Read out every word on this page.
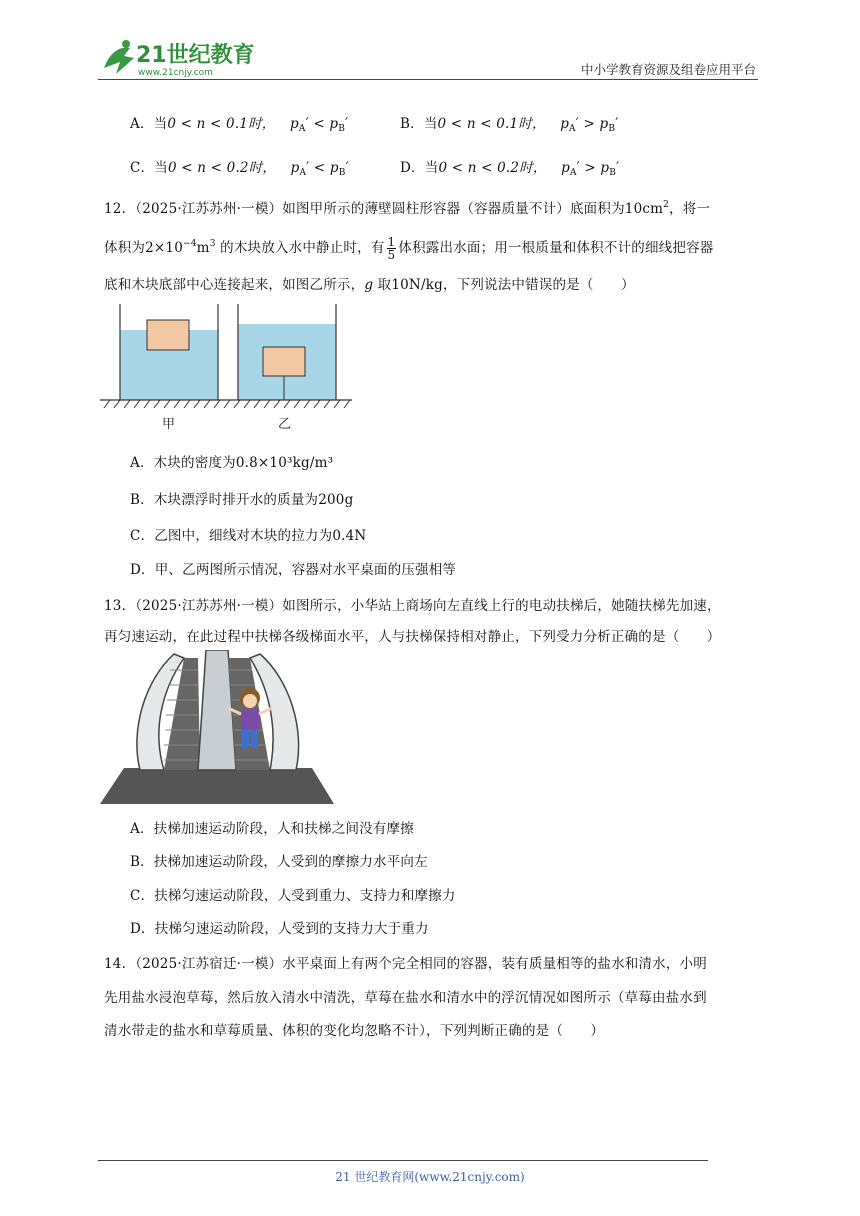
21世纪教育
www.21cnjy.com	中小学教育资源及组卷应用平台
A．当0 < n < 0.1时， $p_A' < p_B'$	B．当0 < n < 0.1时， $p_A' > p_B'$
C．当0 < n < 0.2时， $p_A' < p_B'$	D．当0 < n < 0.2时， $p_A' > p_B'$
12．（2025·江苏苏州·一模）如图甲所示的薄壁圆柱形容器（容器质量不计）底面积为$10cm^2$，将一
体积为$2\times 10^{-4}m^3$ 的木块放入水中静止时，有 $\frac{1}{5}$ 体积露出水面；用一根质量和体积不计的细线把容器
底和木块底部中心连接起来，如图乙所示，g 取10N/kg，下列说法中错误的是（　　）
甲	乙
A．木块的密度为0.8×10³kg/m³
B．木块漂浮时排开水的质量为200g
C．乙图中，细线对木块的拉力为0.4N
D．甲、乙两图所示情况，容器对水平桌面的压强相等
13．（2025·江苏苏州·一模）如图所示，小华站上商场向左直线上行的电动扶梯后，她随扶梯先加速，
再匀速运动，在此过程中扶梯各级梯面水平，人与扶梯保持相对静止，下列受力分析正确的是（　　）
A．扶梯加速运动阶段，人和扶梯之间没有摩擦
B．扶梯加速运动阶段，人受到的摩擦力水平向左
C．扶梯匀速运动阶段，人受到重力、支持力和摩擦力
D．扶梯匀速运动阶段，人受到的支持力大于重力
14．（2025·江苏宿迁·一模）水平桌面上有两个完全相同的容器，装有质量相等的盐水和清水，小明
先用盐水浸泡草莓，然后放入清水中清洗，草莓在盐水和清水中的浮沉情况如图所示（草莓由盐水到
清水带走的盐水和草莓质量、体积的变化均忽略不计），下列判断正确的是（　　）
21 世纪教育网(www.21cnjy.com)
